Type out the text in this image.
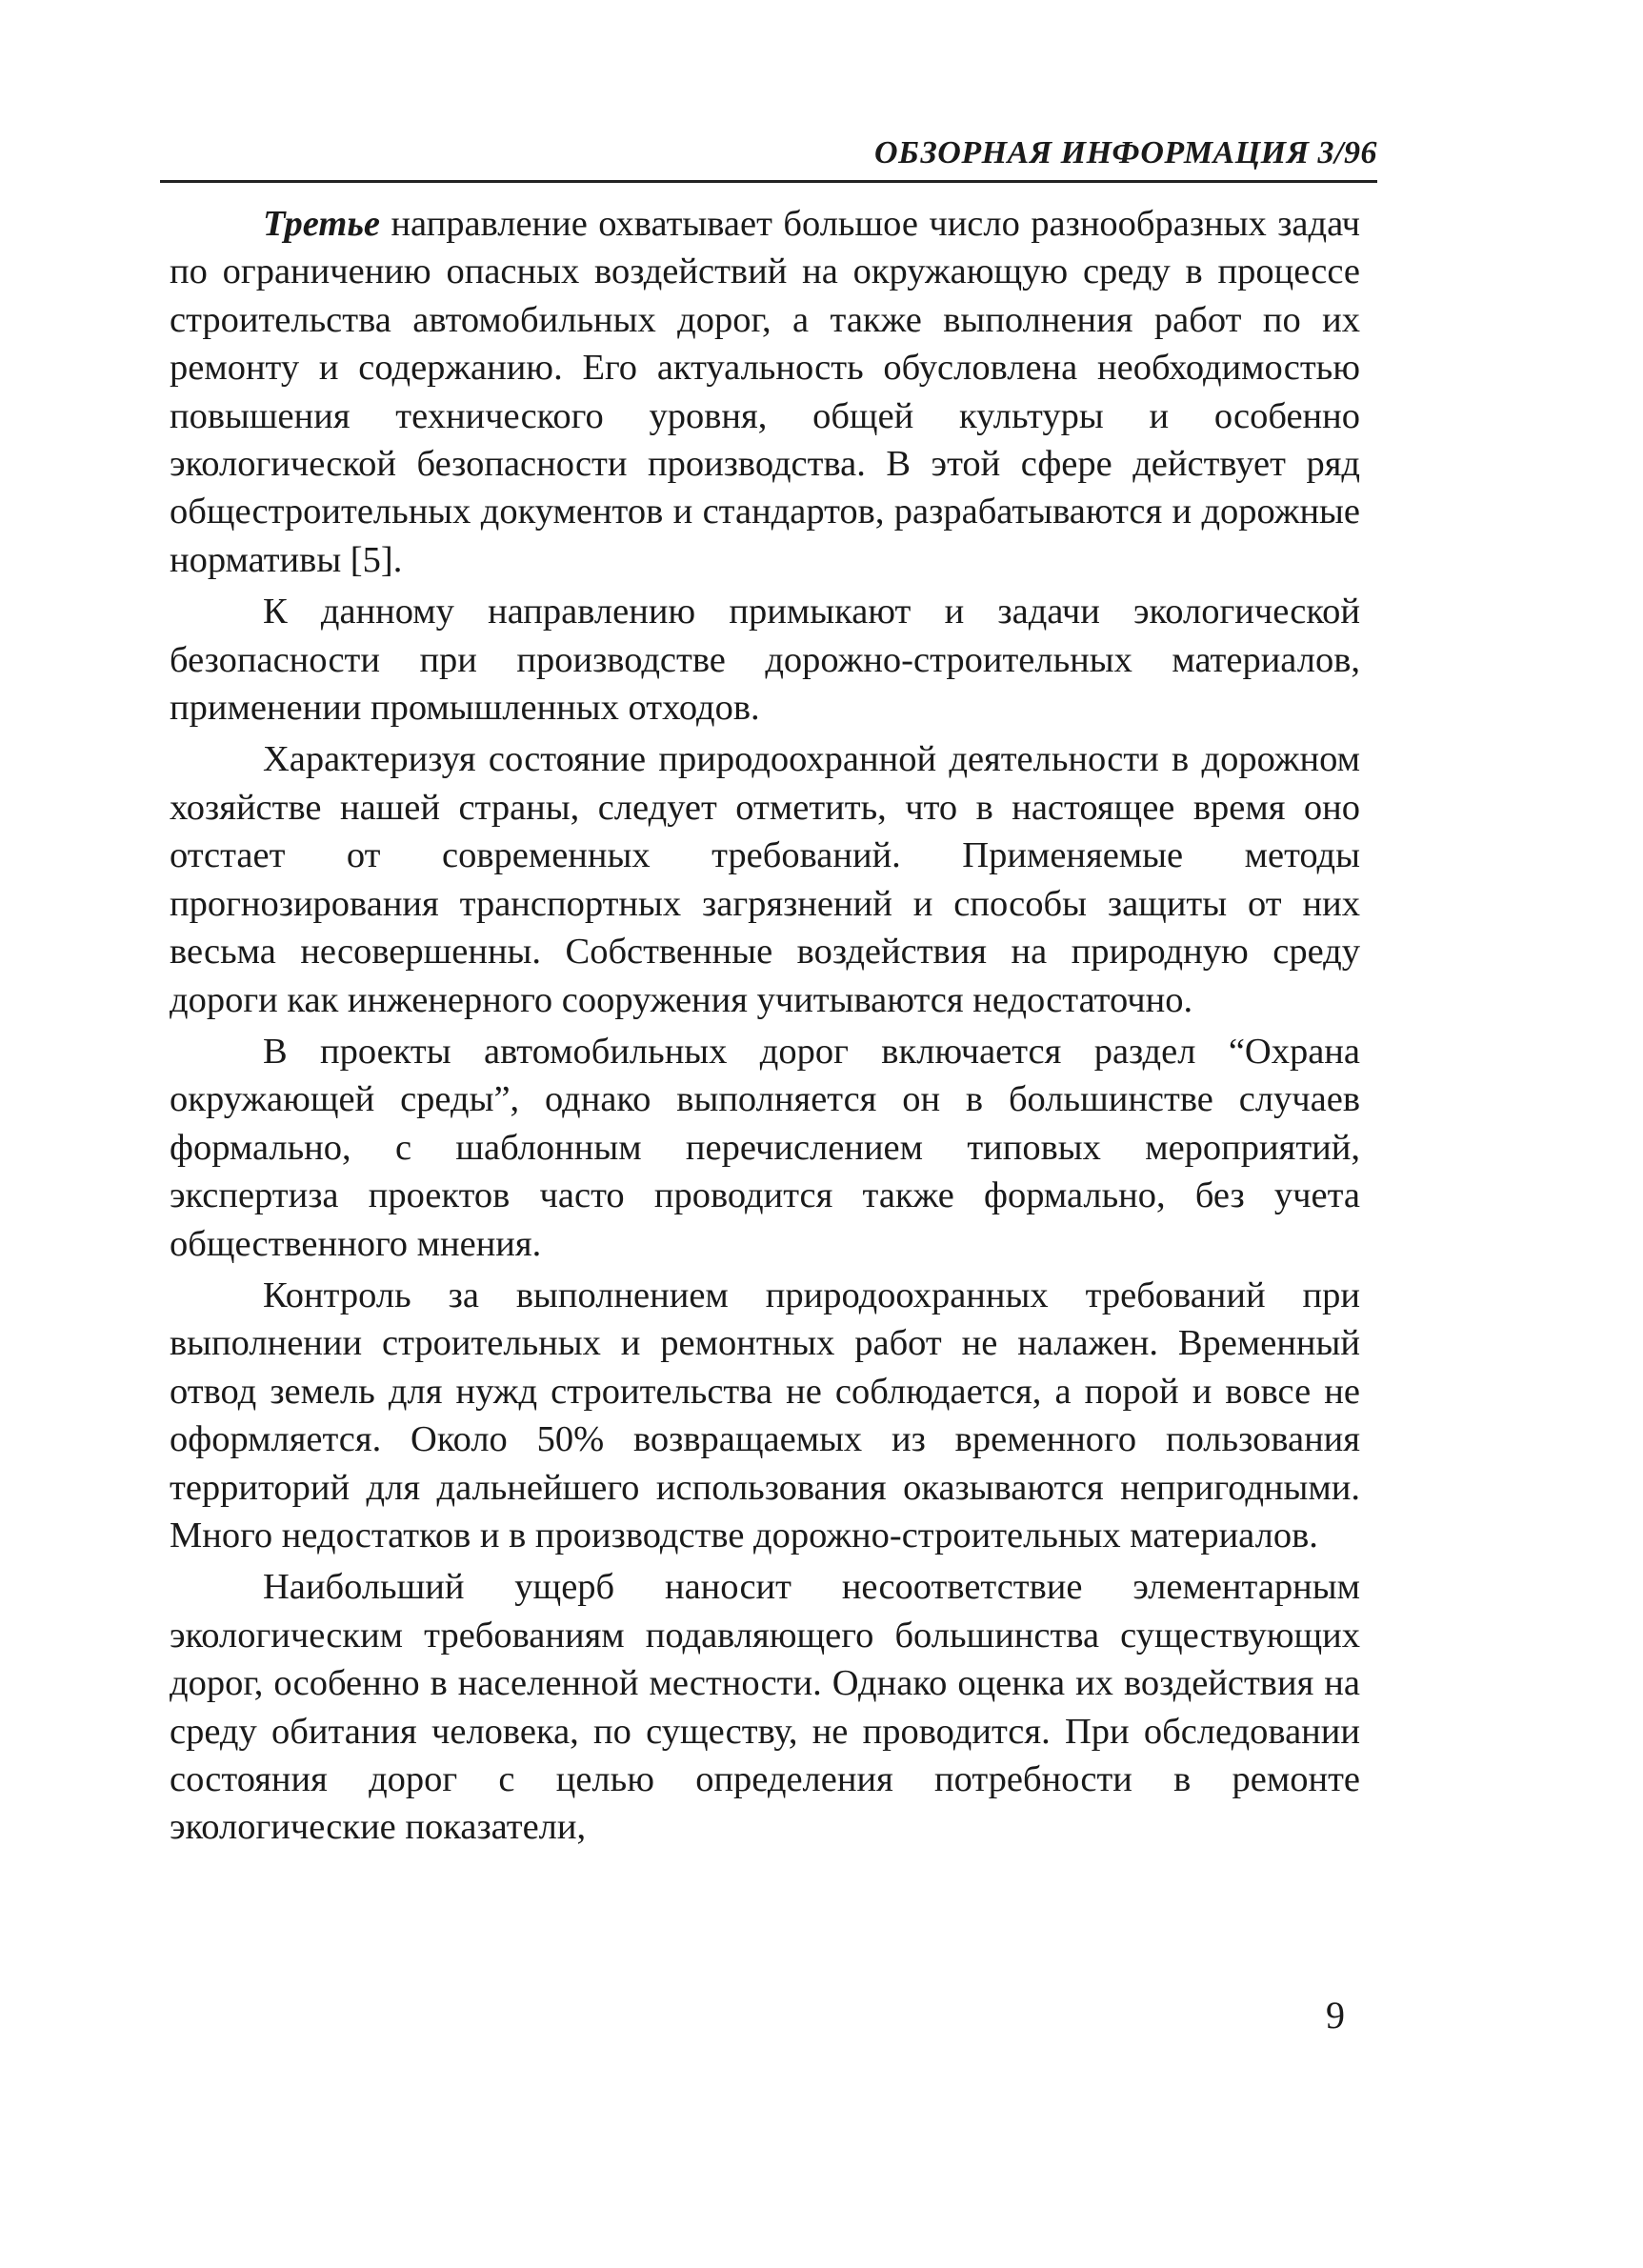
ОБЗОРНАЯ ИНФОРМАЦИЯ 3/96

Третье направление охватывает большое число разнообразных задач по ограничению опасных воздействий на окружающую среду в процессе строительства автомобильных дорог, а также выполнения работ по их ремонту и содержанию. Его актуальность обусловлена необходимостью повышения технического уровня, общей культуры и особенно экологической безопасности производства. В этой сфере действует ряд общестроительных документов и стандартов, разрабатываются и дорожные нормативы [5].

К данному направлению примыкают и задачи экологической безопасности при производстве дорожно-строительных материалов, применении промышленных отходов.

Характеризуя состояние природоохранной деятельности в дорожном хозяйстве нашей страны, следует отметить, что в настоящее время оно отстает от современных требований. Применяемые методы прогнозирования транспортных загрязнений и способы защиты от них весьма несовершенны. Собственные воздействия на природную среду дороги как инженерного сооружения учитываются недостаточно.

В проекты автомобильных дорог включается раздел “Охрана окружающей среды”, однако выполняется он в большинстве случаев формально, с шаблонным перечислением типовых мероприятий, экспертиза проектов часто проводится также формально, без учета общественного мнения.

Контроль за выполнением природоохранных требований при выполнении строительных и ремонтных работ не налажен. Временный отвод земель для нужд строительства не соблюдается, а порой и вовсе не оформляется. Около 50% возвращаемых из временного пользования территорий для дальнейшего использования оказываются непригодными. Много недостатков и в производстве дорожно-строительных материалов.

Наибольший ущерб наносит несоответствие элементарным экологическим требованиям подавляющего большинства существующих дорог, особенно в населенной местности. Однако оценка их воздействия на среду обитания человека, по существу, не проводится. При обследовании состояния дорог с целью определения потребности в ремонте экологические показатели,

9
